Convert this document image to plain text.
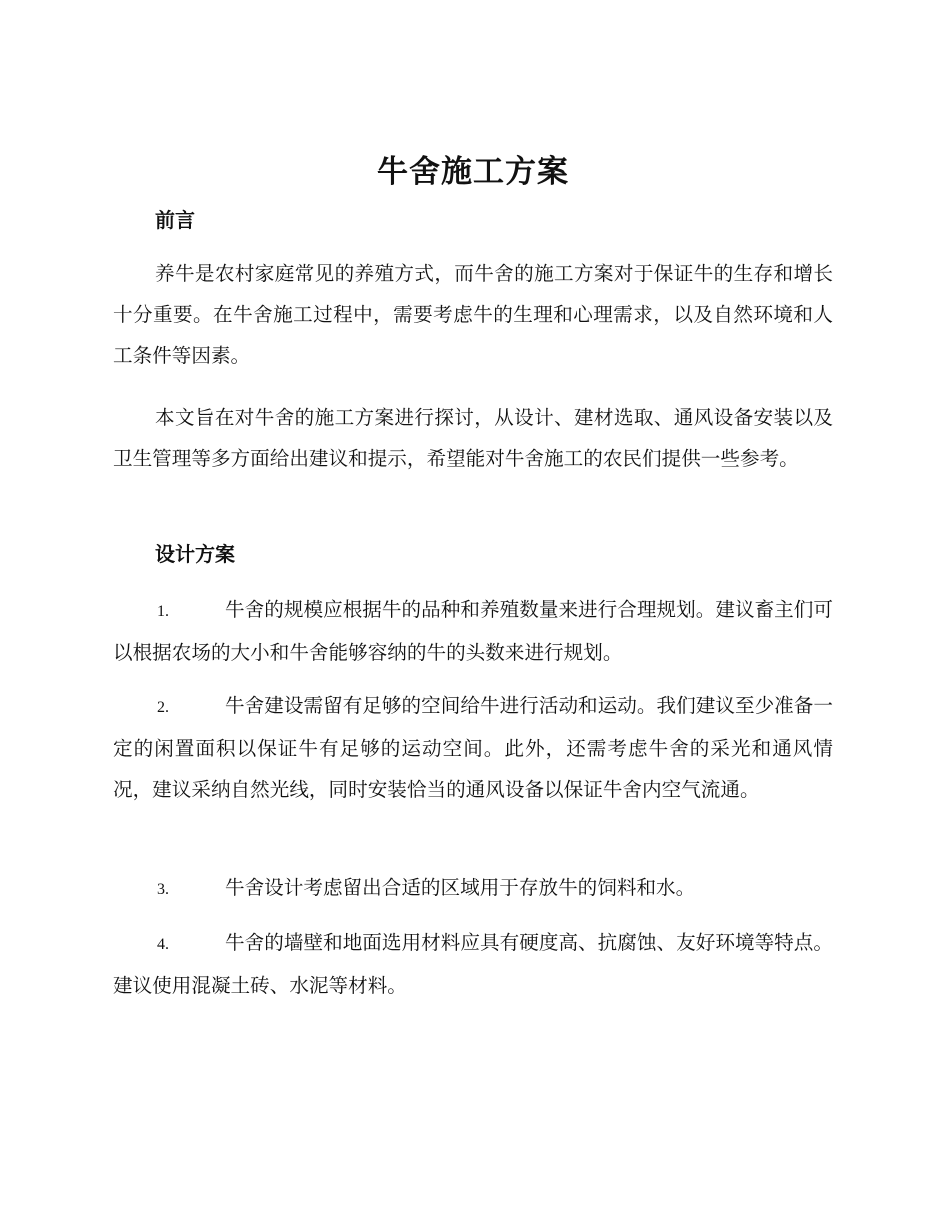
牛舍施工方案
前言

养牛是农村家庭常见的养殖方式，而牛舍的施工方案对于保证牛的生存和增长十分重要。在牛舍施工过程中，需要考虑牛的生理和心理需求，以及自然环境和人工条件等因素。

本文旨在对牛舍的施工方案进行探讨，从设计、建材选取、通风设备安装以及卫生管理等多方面给出建议和提示，希望能对牛舍施工的农民们提供一些参考。

设计方案

1.	牛舍的规模应根据牛的品种和养殖数量来进行合理规划。建议畜主们可以根据农场的大小和牛舍能够容纳的牛的头数来进行规划。

2.	牛舍建设需留有足够的空间给牛进行活动和运动。我们建议至少准备一定的闲置面积以保证牛有足够的运动空间。此外，还需考虑牛舍的采光和通风情况，建议采纳自然光线，同时安装恰当的通风设备以保证牛舍内空气流通。

3.	牛舍设计考虑留出合适的区域用于存放牛的饲料和水。

4.	牛舍的墙壁和地面选用材料应具有硬度高、抗腐蚀、友好环境等特点。建议使用混凝土砖、水泥等材料。
